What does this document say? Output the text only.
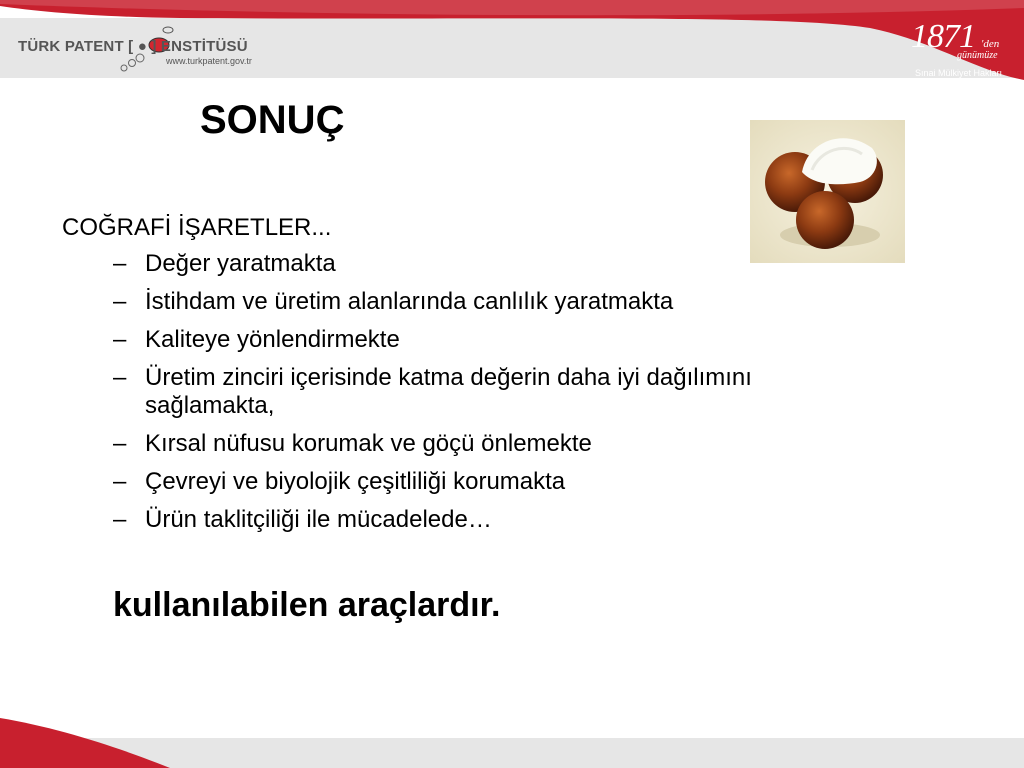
TÜRK PATENT [ ● ] ENSTİTÜSÜ
www.turkpatent.gov.tr
1871 'den
günümüze
Sınai Mülkiyet Hakları
SONUÇ
COĞRAFİ İŞARETLER...
– Değer yaratmakta
– İstihdam ve üretim alanlarında canlılık yaratmakta
– Kaliteye yönlendirmekte
– Üretim zinciri içerisinde katma değerin daha iyi dağılımını sağlamakta,
– Kırsal nüfusu korumak ve göçü önlemekte
– Çevreyi ve biyolojik çeşitliliği korumakta
– Ürün taklitçiliği ile mücadelede…
kullanılabilen araçlardır.
